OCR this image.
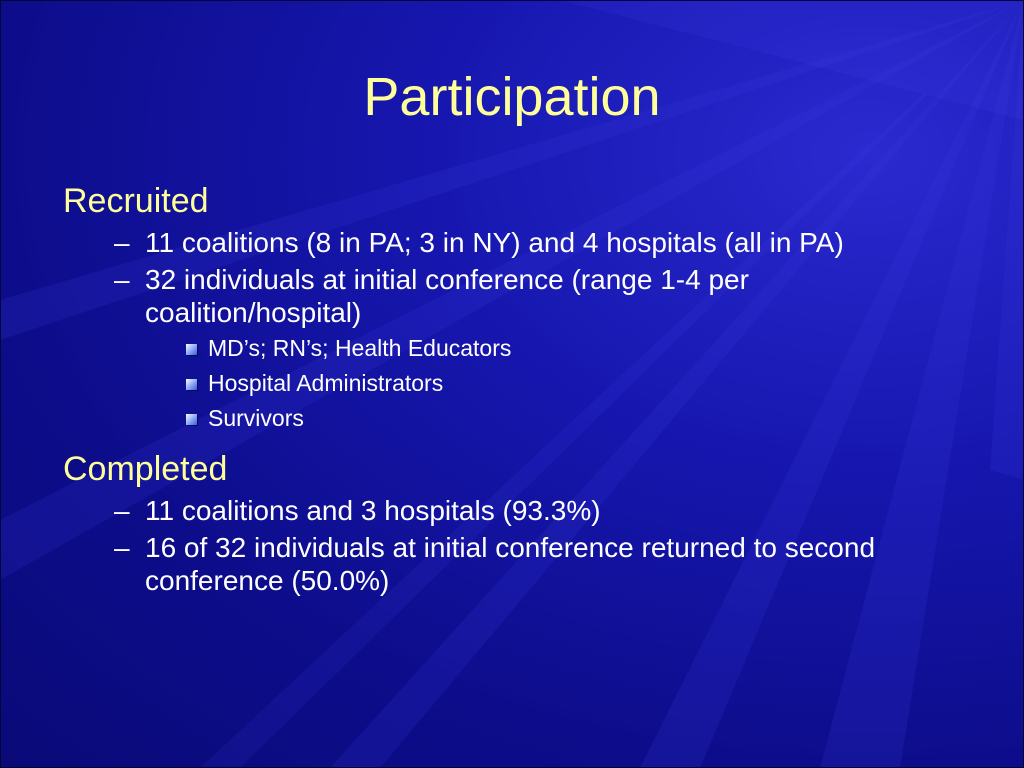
Participation
Recruited
– 11 coalitions (8 in PA; 3 in NY) and 4 hospitals (all in PA)
– 32 individuals at initial conference (range 1-4 per coalition/hospital)
MD’s; RN’s; Health Educators
Hospital Administrators
Survivors
Completed
– 11 coalitions and 3 hospitals (93.3%)
– 16 of 32 individuals at initial conference returned to second conference (50.0%)
